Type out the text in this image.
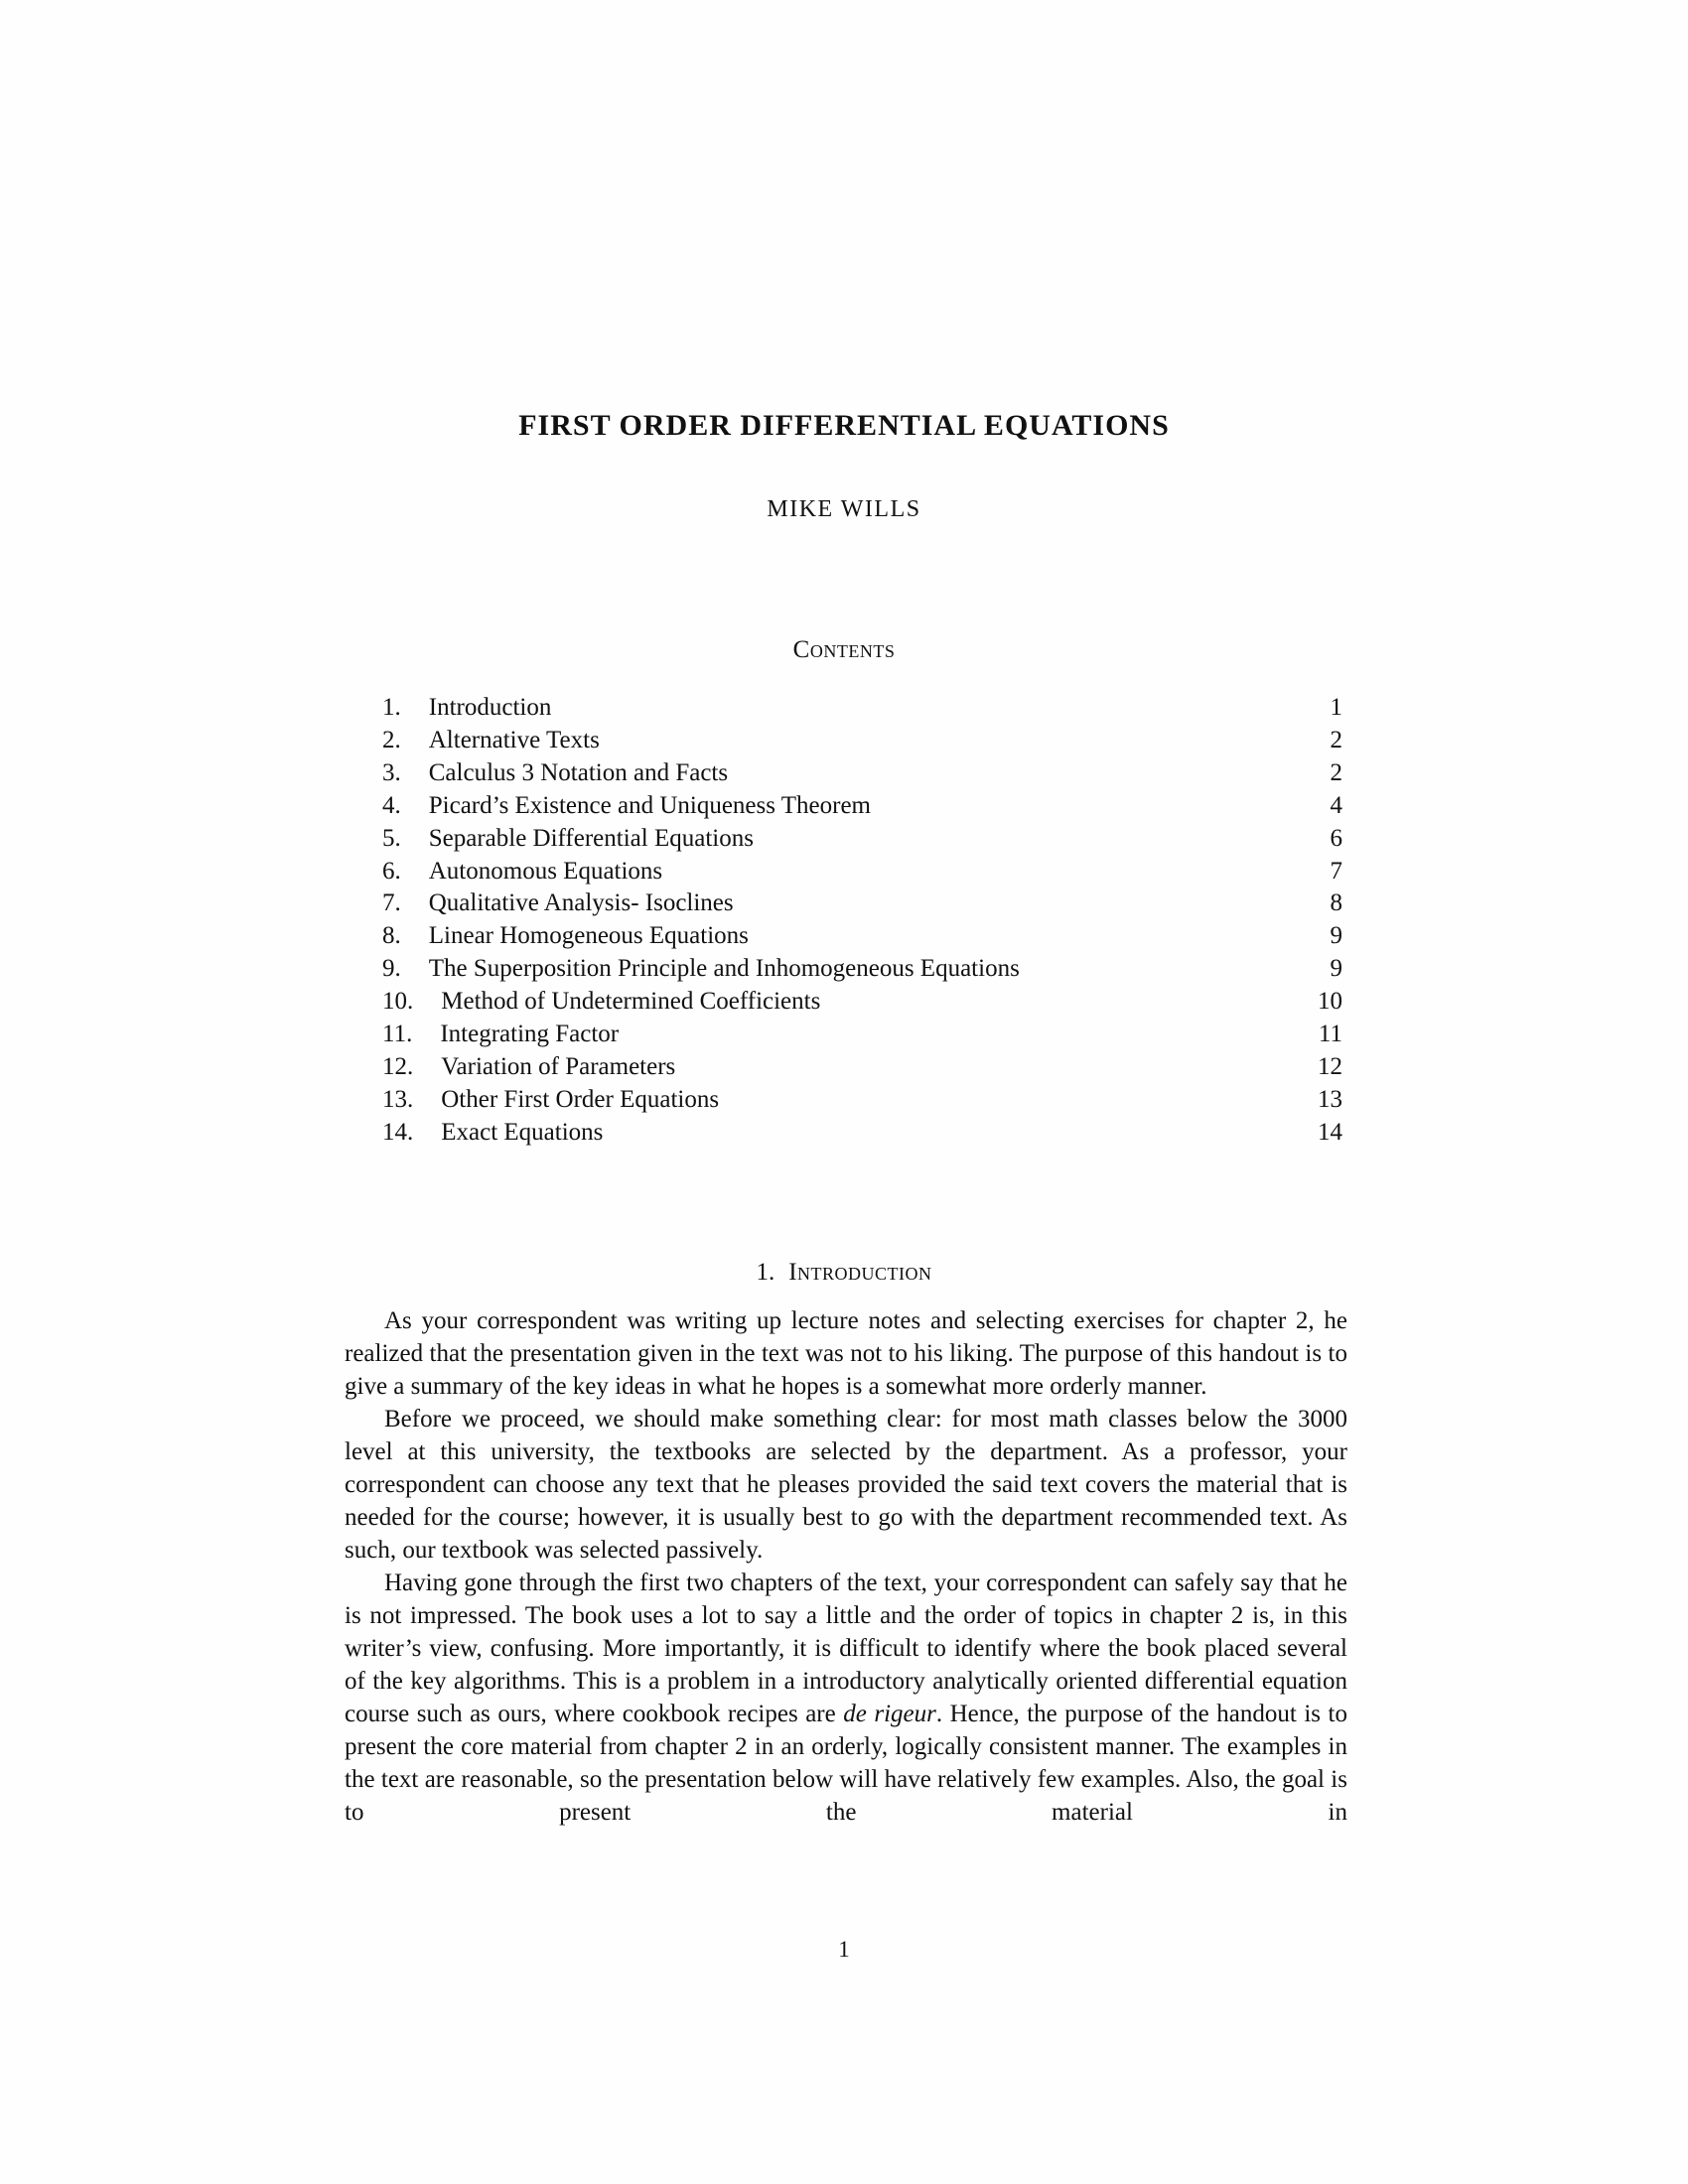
FIRST ORDER DIFFERENTIAL EQUATIONS
MIKE WILLS
Contents
1. Introduction	1
2. Alternative Texts	2
3. Calculus 3 Notation and Facts	2
4. Picard’s Existence and Uniqueness Theorem	4
5. Separable Differential Equations	6
6. Autonomous Equations	7
7. Qualitative Analysis- Isoclines	8
8. Linear Homogeneous Equations	9
9. The Superposition Principle and Inhomogeneous Equations	9
10. Method of Undetermined Coefficients	10
11. Integrating Factor	11
12. Variation of Parameters	12
13. Other First Order Equations	13
14. Exact Equations	14
1. Introduction

As your correspondent was writing up lecture notes and selecting exercises for chapter 2, he realized that the presentation given in the text was not to his liking. The purpose of this handout is to give a summary of the key ideas in what he hopes is a somewhat more orderly manner.

Before we proceed, we should make something clear: for most math classes below the 3000 level at this university, the textbooks are selected by the department. As a professor, your correspondent can choose any text that he pleases provided the said text covers the material that is needed for the course; however, it is usually best to go with the department recommended text. As such, our textbook was selected passively.

Having gone through the first two chapters of the text, your correspondent can safely say that he is not impressed. The book uses a lot to say a little and the order of topics in chapter 2 is, in this writer’s view, confusing. More importantly, it is difficult to identify where the book placed several of the key algorithms. This is a problem in a introductory analytically oriented differential equation course such as ours, where cookbook recipes are de rigeur. Hence, the purpose of the handout is to present the core material from chapter 2 in an orderly, logically consistent manner. The examples in the text are reasonable, so the presentation below will have relatively few examples. Also, the goal is to present the material in

1
